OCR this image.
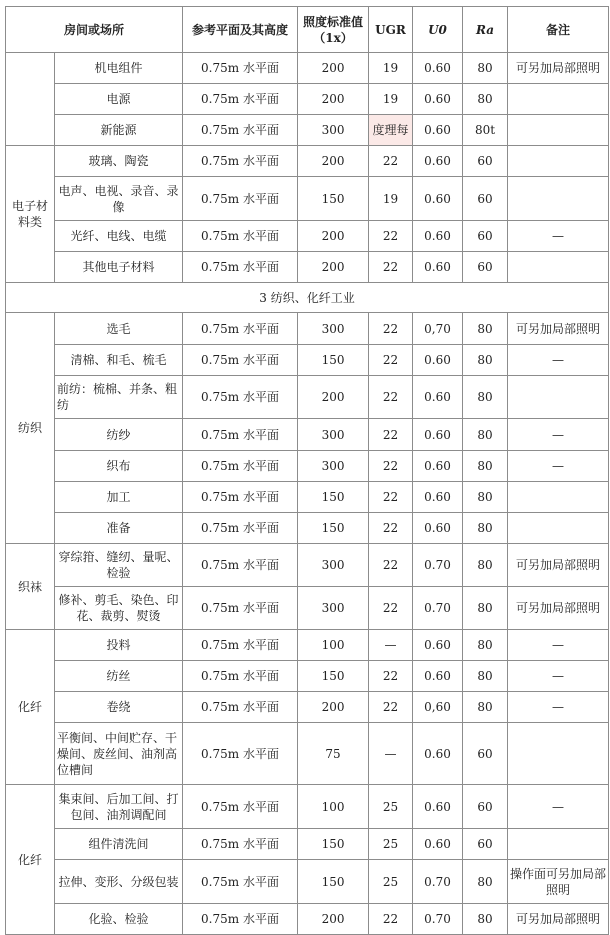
房间或场所		参考平面及其高度	照度标准值（1x）	UGR	U0	Ra	备注
	机电组件	0.75m 水平面	200	19	0.60	80	可另加局部照明
	电源	0.75m 水平面	200	19	0.60	80	
	新能源	0.75m 水平面	300	度理每	0.60	80t	
电子材料类	玻璃、陶瓷	0.75m 水平面	200	22	0.60	60	
	电声、电视、录音、录像	0.75m 水平面	150	19	0.60	60	
	光纤、电线、电缆	0.75m 水平面	200	22	0.60	60	—
	其他电子材料	0.75m 水平面	200	22	0.60	60	
3 纺织、化纤工业							
纺织	选毛	0.75m 水平面	300	22	0,70	80	可另加局部照明
	清棉、和毛、梳毛	0.75m 水平面	150	22	0.60	80	—
	前纺：梳棉、并条、粗纺	0.75m 水平面	200	22	0.60	80	
	纺纱	0.75m 水平面	300	22	0.60	80	—
	织布	0.75m 水平面	300	22	0.60	80	—
	加工	0.75m 水平面	150	22	0.60	80	
	准备	0.75m 水平面	150	22	0.60	80	
织袜	穿综箝、缝纫、量呢、检验	0.75m 水平面	300	22	0.70	80	可另加局部照明
	修补、剪毛、染色、印花、裁剪、熨烫	0.75m 水平面	300	22	0.70	80	可另加局部照明
化纤	投料	0.75m 水平面	100	—	0.60	80	—
	纺丝	0.75m 水平面	150	22	0.60	80	—
	卷绕	0.75m 水平面	200	22	0,60	80	—
	平衡间、中间贮存、干燥间、废丝间、油剂高位槽间	0.75m 水平面	75	—	0.60	60	
化纤	集束间、后加工间、打包间、油剂调配间	0.75m 水平面	100	25	0.60	60	—
	组件清洗间	0.75m 水平面	150	25	0.60	60	
	拉伸、变形、分级包装	0.75m 水平面	150	25	0.70	80	操作面可另加局部照明
	化验、检验	0.75m 水平面	200	22	0.70	80	可另加局部照明
